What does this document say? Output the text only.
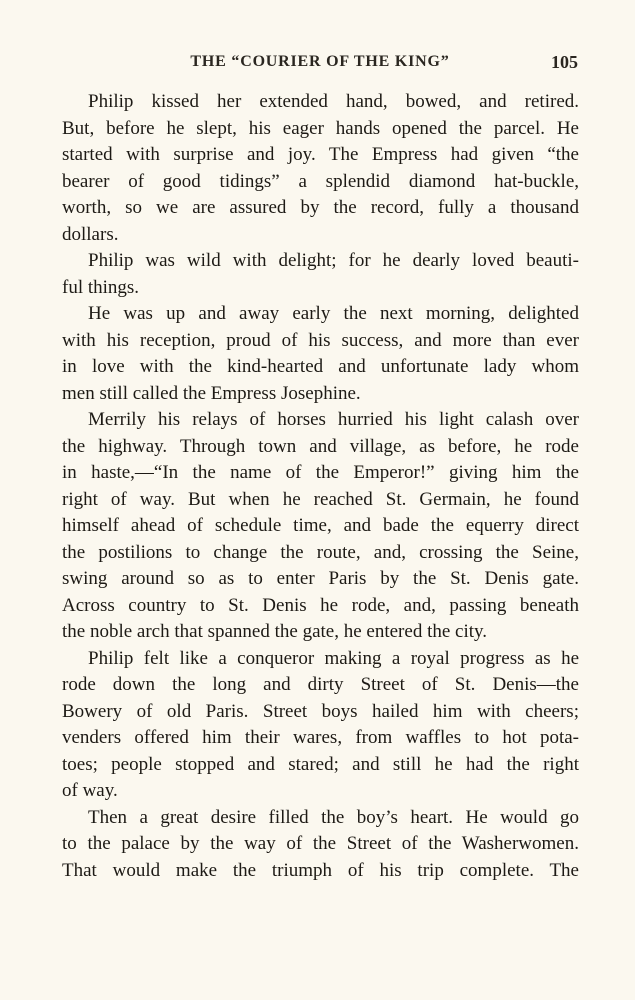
THE “COURIER OF THE KING”	105
Philip kissed her extended hand, bowed, and retired.
But, before he slept, his eager hands opened the parcel. He
started with surprise and joy. The Empress had given “the
bearer of good tidings” a splendid diamond hat-buckle,
worth, so we are assured by the record, fully a thousand
dollars.
Philip was wild with delight; for he dearly loved beauti-
ful things.
He was up and away early the next morning, delighted
with his reception, proud of his success, and more than ever
in love with the kind-hearted and unfortunate lady whom
men still called the Empress Josephine.
Merrily his relays of horses hurried his light calash over
the highway. Through town and village, as before, he rode
in haste,—“In the name of the Emperor!” giving him the
right of way. But when he reached St. Germain, he found
himself ahead of schedule time, and bade the equerry direct
the postilions to change the route, and, crossing the Seine,
swing around so as to enter Paris by the St. Denis gate.
Across country to St. Denis he rode, and, passing beneath
the noble arch that spanned the gate, he entered the city.
Philip felt like a conqueror making a royal progress as he
rode down the long and dirty Street of St. Denis—the
Bowery of old Paris. Street boys hailed him with cheers;
venders offered him their wares, from waffles to hot pota-
toes; people stopped and stared; and still he had the right
of way.
Then a great desire filled the boy’s heart. He would go
to the palace by the way of the Street of the Washerwomen.
That would make the triumph of his trip complete. The
